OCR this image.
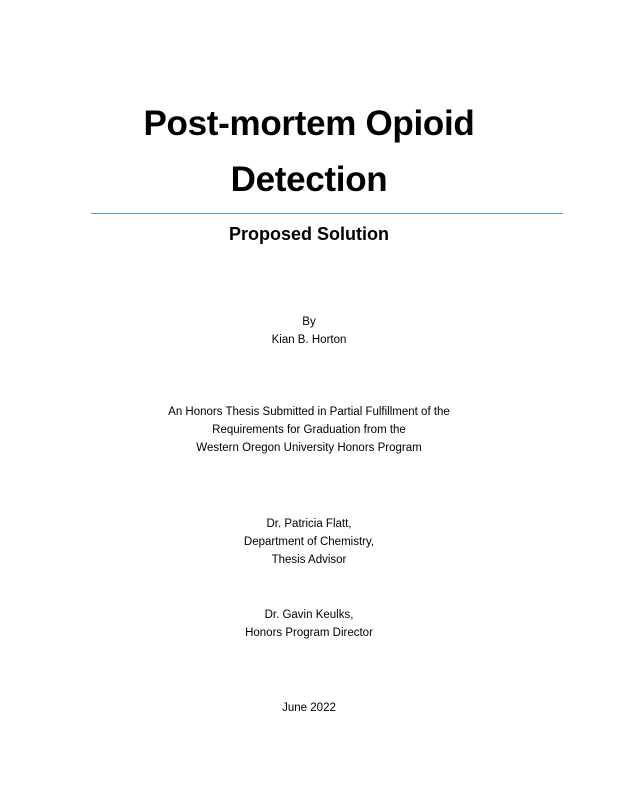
Post-mortem Opioid
Detection
Proposed Solution
By
Kian B. Horton
An Honors Thesis Submitted in Partial Fulfillment of the
Requirements for Graduation from the
Western Oregon University Honors Program
Dr. Patricia Flatt,
Department of Chemistry,
Thesis Advisor
Dr. Gavin Keulks,
Honors Program Director
June 2022
